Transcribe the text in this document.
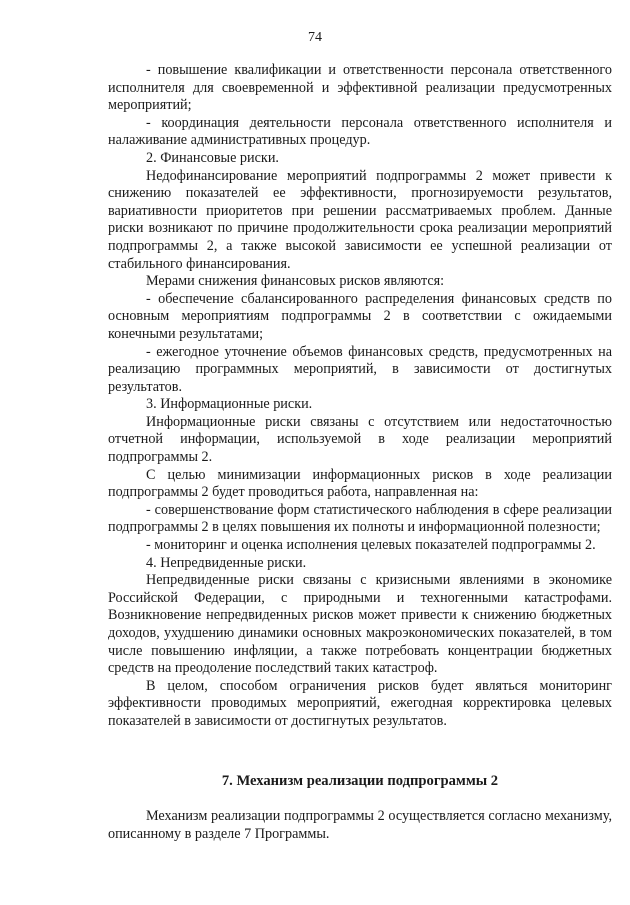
74

- повышение квалификации и ответственности персонала ответственного исполнителя для своевременной и эффективной реализации предусмотренных мероприятий;

- координация деятельности персонала ответственного исполнителя и налаживание административных процедур.

2. Финансовые риски.

Недофинансирование мероприятий подпрограммы 2 может привести к снижению показателей ее эффективности, прогнозируемости результатов, вариативности приоритетов при решении рассматриваемых проблем. Данные риски возникают по причине продолжительности срока реализации мероприятий подпрограммы 2, а также высокой зависимости ее успешной реализации от стабильного финансирования.

Мерами снижения финансовых рисков являются:

- обеспечение сбалансированного распределения финансовых средств по основным мероприятиям подпрограммы 2 в соответствии с ожидаемыми конечными результатами;

- ежегодное уточнение объемов финансовых средств, предусмотренных на реализацию программных мероприятий, в зависимости от достигнутых результатов.

3. Информационные риски.

Информационные риски связаны с отсутствием или недостаточностью отчетной информации, используемой в ходе реализации мероприятий подпрограммы 2.

С целью минимизации информационных рисков в ходе реализации подпрограммы 2 будет проводиться работа, направленная на:

- совершенствование форм статистического наблюдения в сфере реализации подпрограммы 2 в целях повышения их полноты и информационной полезности;

- мониторинг и оценка исполнения целевых показателей подпрограммы 2.

4. Непредвиденные риски.

Непредвиденные риски связаны с кризисными явлениями в экономике Российской Федерации, с природными и техногенными катастрофами. Возникновение непредвиденных рисков может привести к снижению бюджетных доходов, ухудшению динамики основных макроэкономических показателей, в том числе повышению инфляции, а также потребовать концентрации бюджетных средств на преодоление последствий таких катастроф.

В целом, способом ограничения рисков будет являться мониторинг эффективности проводимых мероприятий, ежегодная корректировка целевых показателей в зависимости от достигнутых результатов.

7. Механизм реализации подпрограммы 2

Механизм реализации подпрограммы 2 осуществляется согласно механизму, описанному в разделе 7 Программы.
